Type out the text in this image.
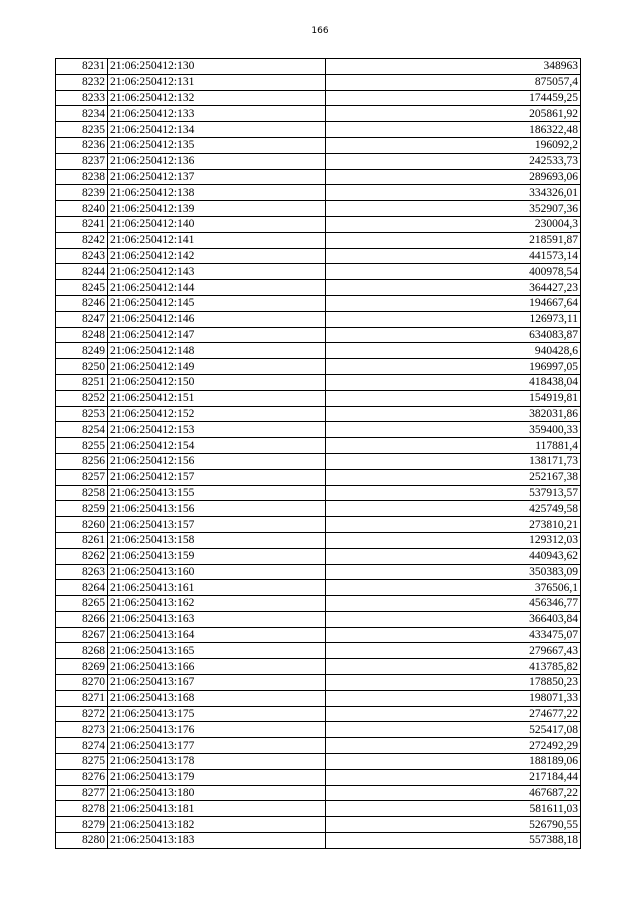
166
8231	21:06:250412:130	348963
8232	21:06:250412:131	875057,4
8233	21:06:250412:132	174459,25
8234	21:06:250412:133	205861,92
8235	21:06:250412:134	186322,48
8236	21:06:250412:135	196092,2
8237	21:06:250412:136	242533,73
8238	21:06:250412:137	289693,06
8239	21:06:250412:138	334326,01
8240	21:06:250412:139	352907,36
8241	21:06:250412:140	230004,3
8242	21:06:250412:141	218591,87
8243	21:06:250412:142	441573,14
8244	21:06:250412:143	400978,54
8245	21:06:250412:144	364427,23
8246	21:06:250412:145	194667,64
8247	21:06:250412:146	126973,11
8248	21:06:250412:147	634083,87
8249	21:06:250412:148	940428,6
8250	21:06:250412:149	196997,05
8251	21:06:250412:150	418438,04
8252	21:06:250412:151	154919,81
8253	21:06:250412:152	382031,86
8254	21:06:250412:153	359400,33
8255	21:06:250412:154	117881,4
8256	21:06:250412:156	138171,73
8257	21:06:250412:157	252167,38
8258	21:06:250413:155	537913,57
8259	21:06:250413:156	425749,58
8260	21:06:250413:157	273810,21
8261	21:06:250413:158	129312,03
8262	21:06:250413:159	440943,62
8263	21:06:250413:160	350383,09
8264	21:06:250413:161	376506,1
8265	21:06:250413:162	456346,77
8266	21:06:250413:163	366403,84
8267	21:06:250413:164	433475,07
8268	21:06:250413:165	279667,43
8269	21:06:250413:166	413785,82
8270	21:06:250413:167	178850,23
8271	21:06:250413:168	198071,33
8272	21:06:250413:175	274677,22
8273	21:06:250413:176	525417,08
8274	21:06:250413:177	272492,29
8275	21:06:250413:178	188189,06
8276	21:06:250413:179	217184,44
8277	21:06:250413:180	467687,22
8278	21:06:250413:181	581611,03
8279	21:06:250413:182	526790,55
8280	21:06:250413:183	557388,18
